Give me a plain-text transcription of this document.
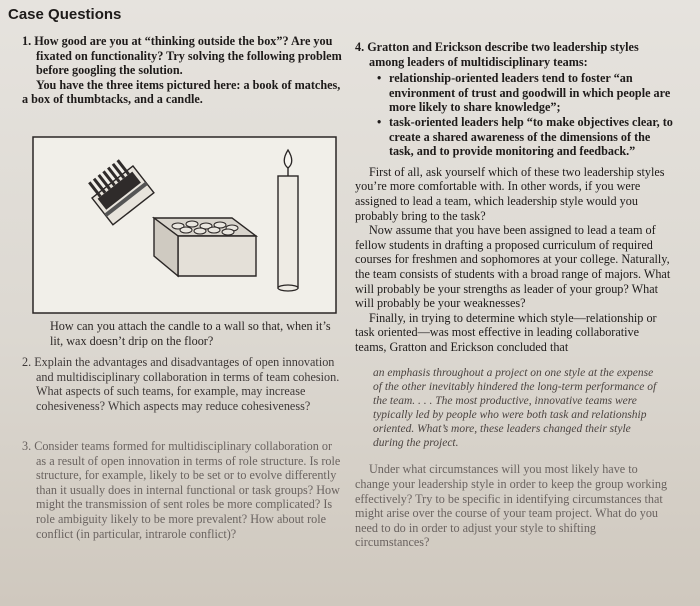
Case Questions

1. How good are you at “thinking outside the box”? Are you fixated on functionality? Try solving the following problem before googling the solution.

You have the three items pictured here: a book of matches, a box of thumbtacks, and a candle.

How can you attach the candle to a wall so that, when it’s lit, wax doesn’t drip on the floor?

2. Explain the advantages and disadvantages of open innovation and multidisciplinary collaboration in terms of team cohesion. What aspects of such teams, for example, may increase cohesiveness? Which aspects may reduce cohesiveness?

3. Consider teams formed for multidisciplinary collaboration or as a result of open innovation in terms of role structure. Is role structure, for example, likely to be set or to evolve differently than it usually does in internal functional or task groups? How might the transmission of sent roles be more complicated? Is role ambiguity likely to be more prevalent? How about role conflict (in particular, intrarole conflict)?

4. Gratton and Erickson describe two leadership styles among leaders of multidisciplinary teams:

• relationship-oriented leaders tend to foster “an environment of trust and goodwill in which people are more likely to share knowledge”;
• task-oriented leaders help “to make objectives clear, to create a shared awareness of the dimensions of the task, and to provide monitoring and feedback.”

First of all, ask yourself which of these two leadership styles you’re more comfortable with. In other words, if you were assigned to lead a team, which leadership style would you probably bring to the task?

Now assume that you have been assigned to lead a team of fellow students in drafting a proposed curriculum of required courses for freshmen and sophomores at your college. Naturally, the team consists of students with a broad range of majors. What will probably be your strengths as leader of your group? What will probably be your weaknesses?

Finally, in trying to determine which style—relationship or task oriented—was most effective in leading collaborative teams, Gratton and Erickson concluded that

an emphasis throughout a project on one style at the expense of the other inevitably hindered the long-term performance of the team. . . . The most productive, innovative teams were typically led by people who were both task and relationship oriented. What’s more, these leaders changed their style during the project.

Under what circumstances will you most likely have to change your leadership style in order to keep the group working effectively? Try to be specific in identifying circumstances that might arise over the course of your team project. What do you need to do in order to adjust your style to shifting circumstances?
